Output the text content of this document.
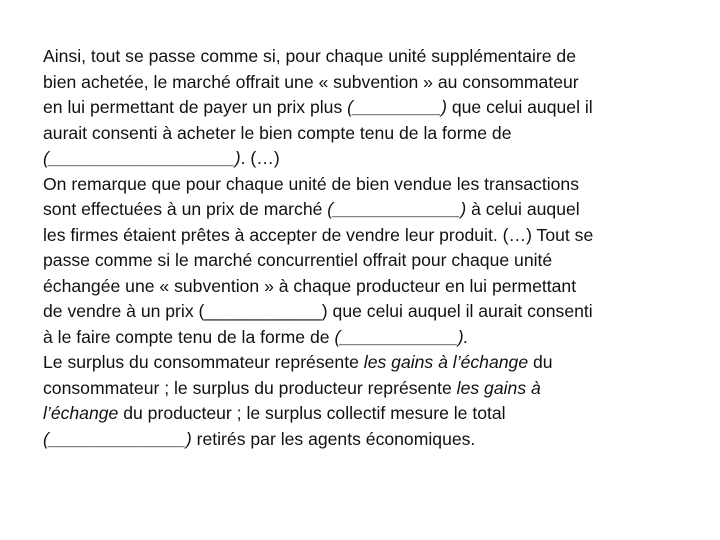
Ainsi, tout se passe comme si, pour chaque unité supplémentaire de
bien achetée, le marché offrait une « subvention » au consommateur
en lui permettant de payer un prix plus (_________) que celui auquel il
aurait consenti à acheter le bien compte tenu de la forme de
(___________________). (…)
On remarque que pour chaque unité de bien vendue les transactions
sont effectuées à un prix de marché (_____________) à celui auquel
les firmes étaient prêtes à accepter de vendre leur produit. (…) Tout se
passe comme si le marché concurrentiel offrait pour chaque unité
échangée une « subvention » à chaque producteur en lui permettant
de vendre à un prix (____________) que celui auquel il aurait consenti
à le faire compte tenu de la forme de (____________).
Le surplus du consommateur représente les gains à l’échange du
consommateur ; le surplus du producteur représente les gains à
l’échange du producteur ; le surplus collectif mesure le total
(______________) retirés par les agents économiques.
